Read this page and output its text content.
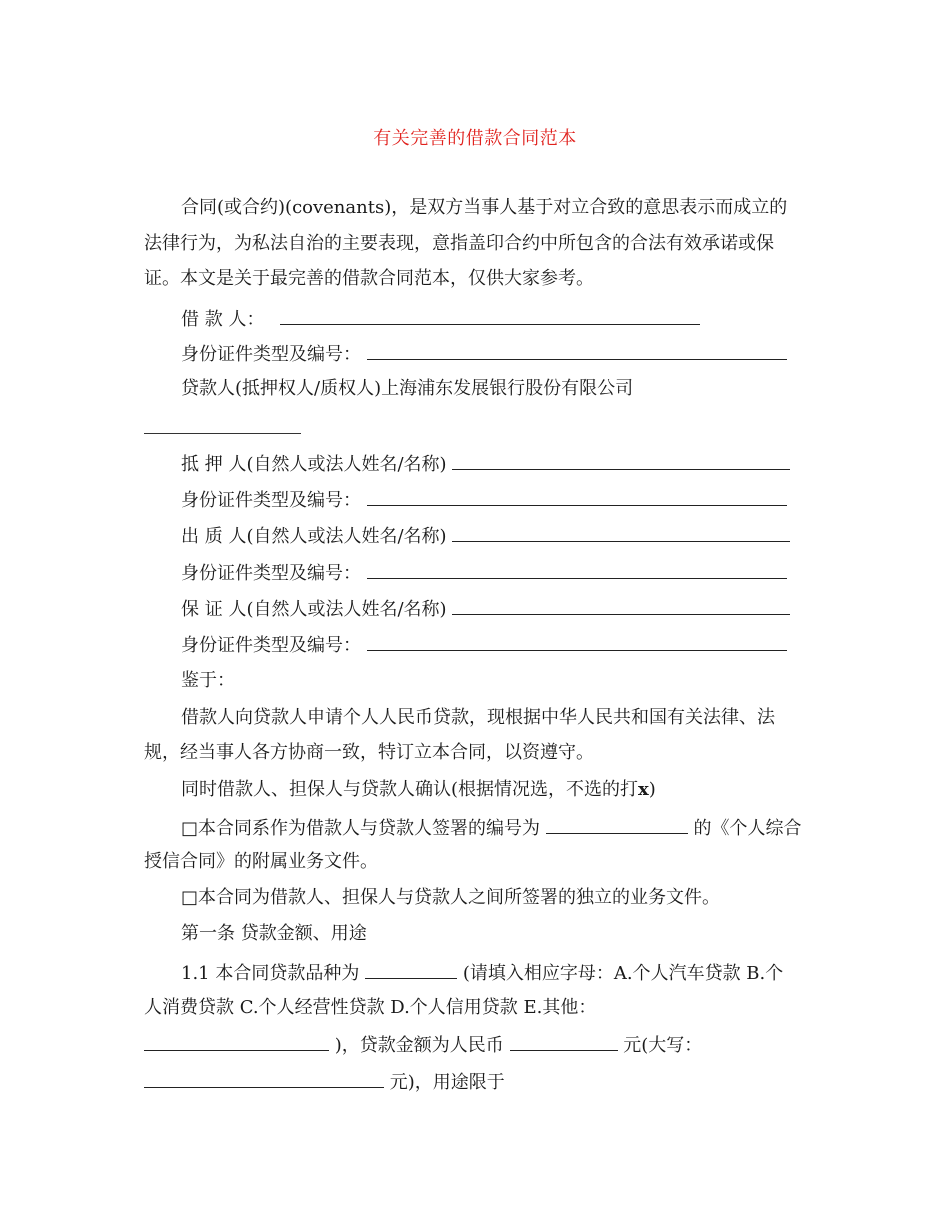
有关完善的借款合同范本
合同(或合约)(covenants)，是双方当事人基于对立合致的意思表示而成立的
法律行为，为私法自治的主要表现，意指盖印合约中所包含的合法有效承诺或保
证。本文是关于最完善的借款合同范本，仅供大家参考。
借 款 人：
身份证件类型及编号：
贷款人(抵押权人/质权人)上海浦东发展银行股份有限公司
抵 押 人(自然人或法人姓名/名称)
身份证件类型及编号：
出 质 人(自然人或法人姓名/名称)
身份证件类型及编号：
保 证 人(自然人或法人姓名/名称)
身份证件类型及编号：
鉴于：
借款人向贷款人申请个人人民币贷款，现根据中华人民共和国有关法律、法
规，经当事人各方协商一致，特订立本合同，以资遵守。
同时借款人、担保人与贷款人确认(根据情况选，不选的打x)
□本合同系作为借款人与贷款人签署的编号为	的《个人综合
授信合同》的附属业务文件。
□本合同为借款人、担保人与贷款人之间所签署的独立的业务文件。
第一条 贷款金额、用途
1.1 本合同贷款品种为	(请填入相应字母：A.个人汽车贷款 B.个
人消费贷款 C.个人经营性贷款 D.个人信用贷款 E.其他：
)，贷款金额为人民币	元(大写：
元)，用途限于
